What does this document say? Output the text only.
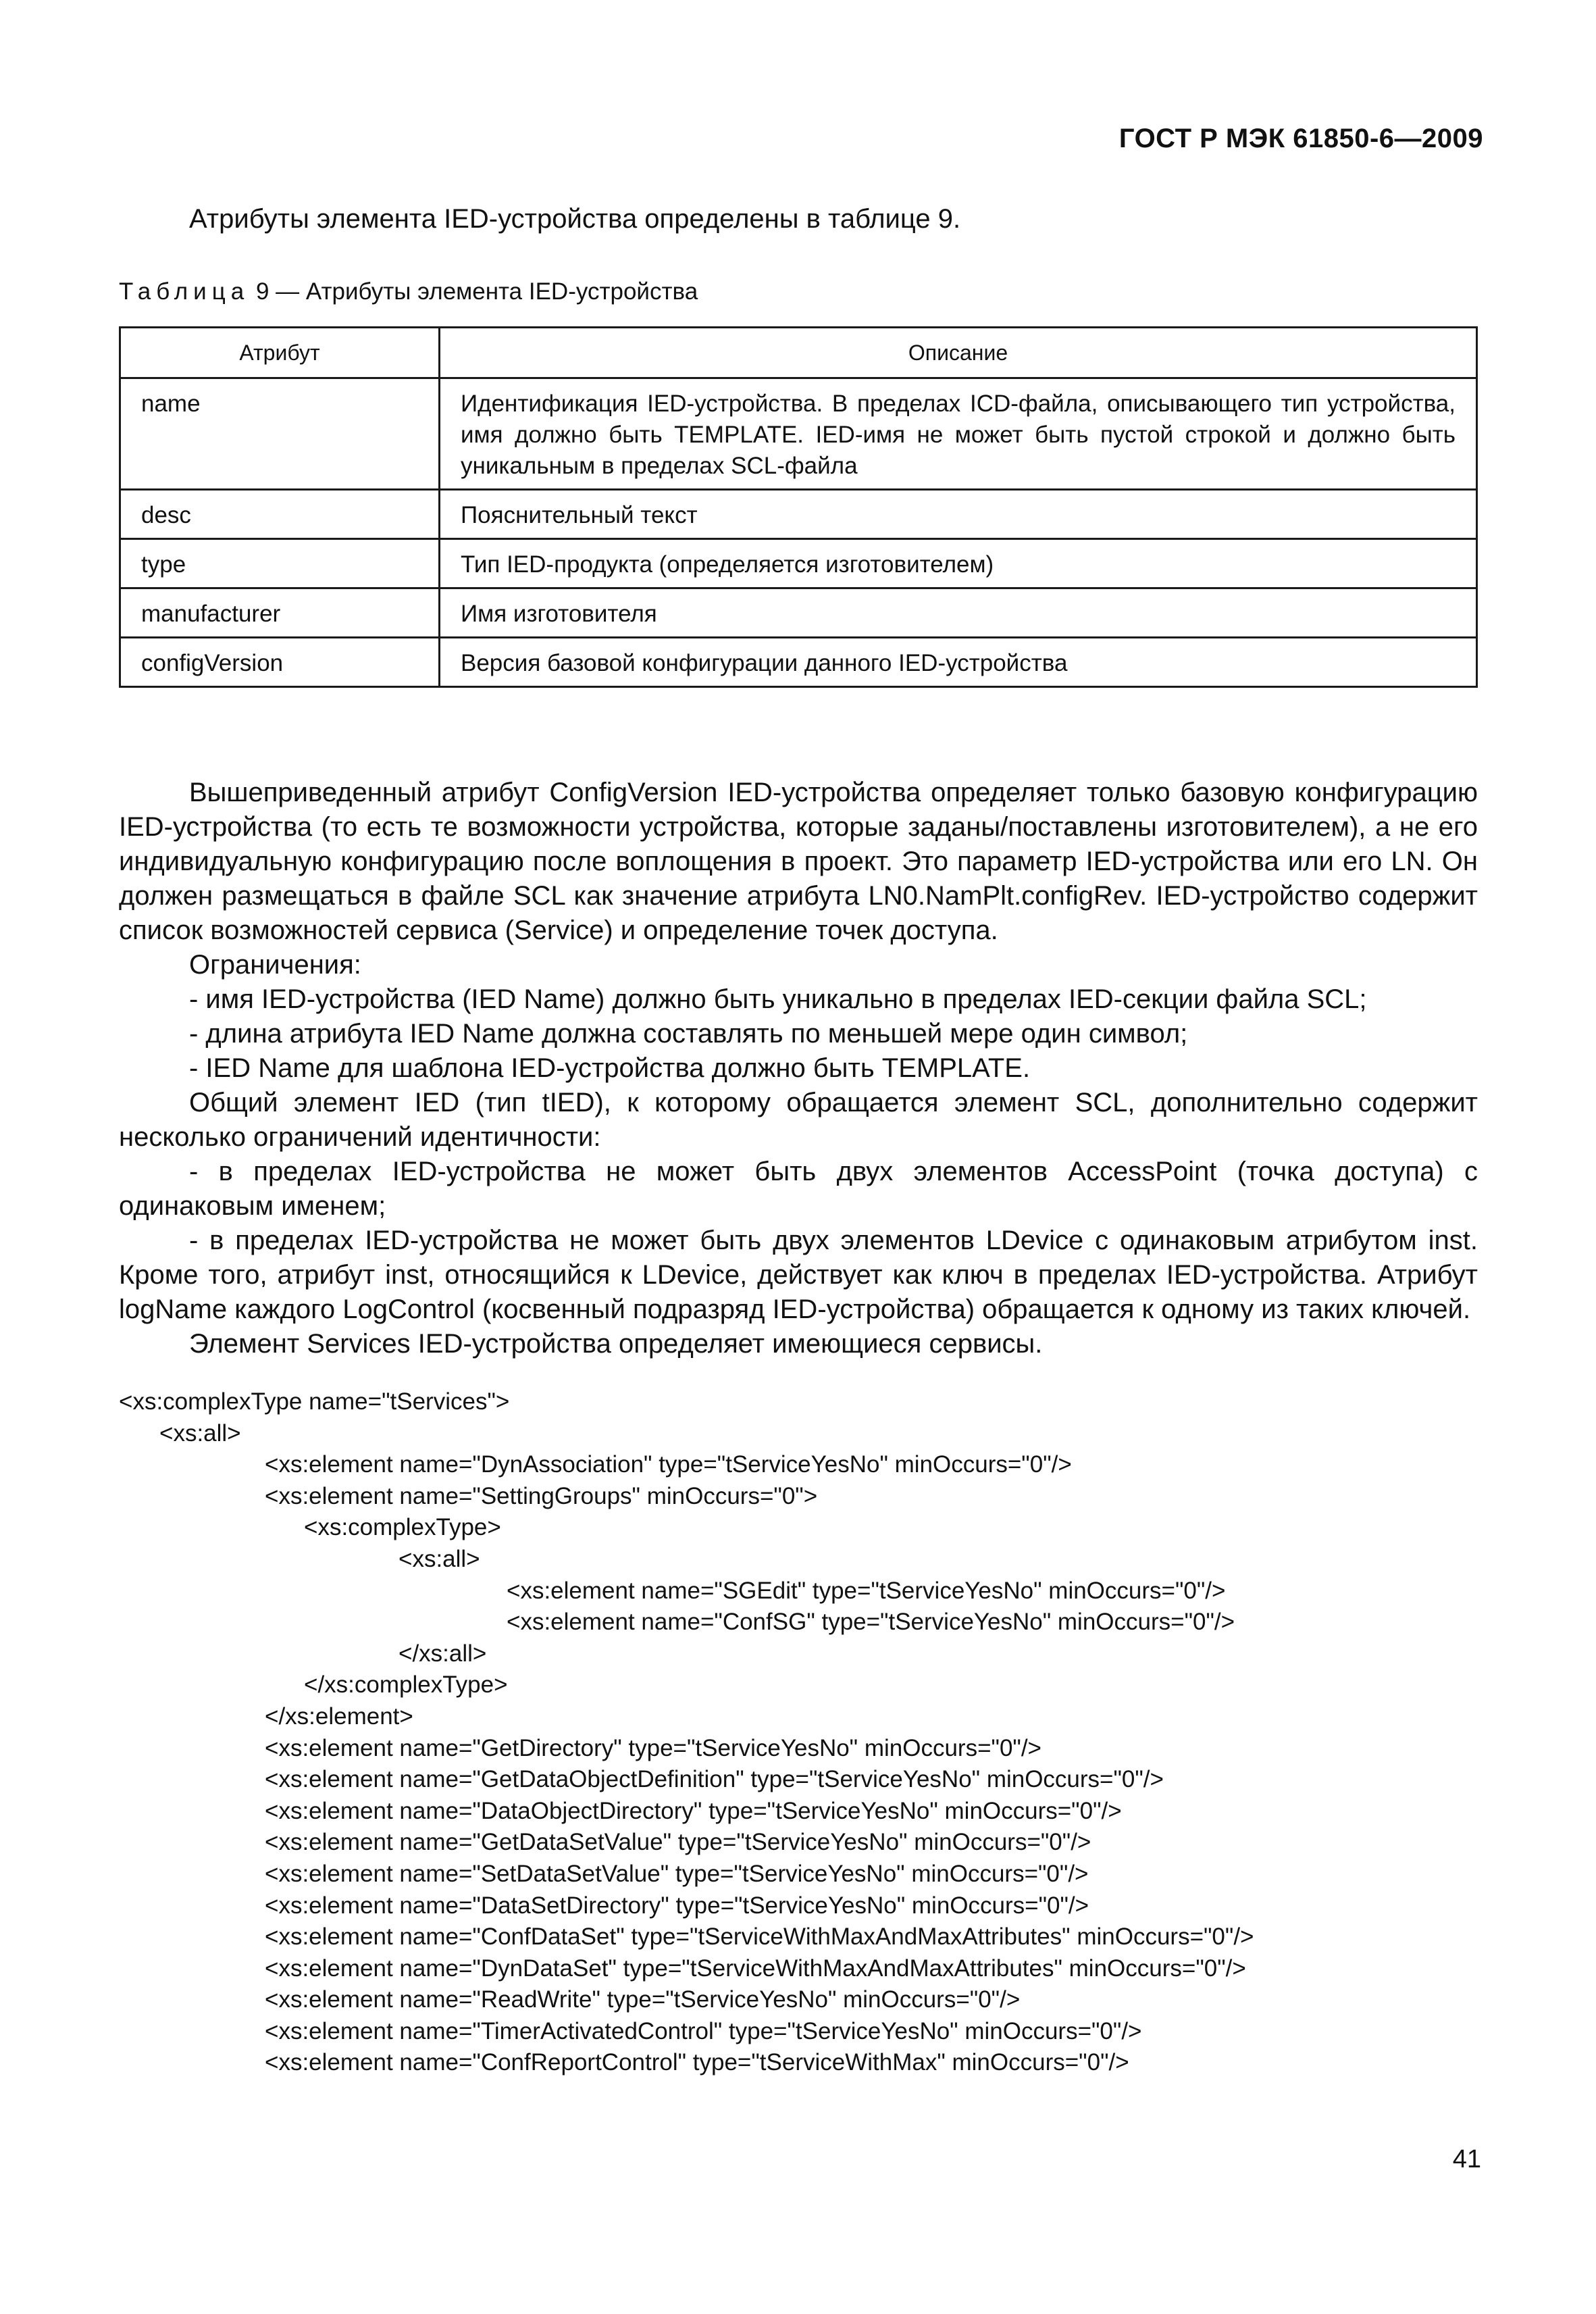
ГОСТ Р МЭК 61850-6—2009
Атрибуты элемента IED-устройства определены в таблице 9.
Таблица 9 — Атрибуты элемента IED-устройства
Атрибут	Описание
name	Идентификация IED-устройства. В пределах ICD-файла, описывающего тип устройства, имя должно быть TEMPLATE. IED-имя не может быть пустой строкой и должно быть уникальным в пределах SCL-файла
desc	Пояснительный текст
type	Тип IED-продукта (определяется изготовителем)
manufacturer	Имя изготовителя
configVersion	Версия базовой конфигурации данного IED-устройства

Вышеприведенный атрибут ConfigVersion IED-устройства определяет только базовую конфигурацию IED-устройства (то есть те возможности устройства, которые заданы/поставлены изготовителем), а не его индивидуальную конфигурацию после воплощения в проект. Это параметр IED-устройства или его LN. Он должен размещаться в файле SCL как значение атрибута LN0.NamPlt.configRev. IED-устройство содержит список возможностей сервиса (Service) и определение точек доступа.

Ограничения:

- имя IED-устройства (IED Name) должно быть уникально в пределах IED-секции файла SCL;

- длина атрибута IED Name должна составлять по меньшей мере один символ;

- IED Name для шаблона IED-устройства должно быть TEMPLATE.

Общий элемент IED (тип tIED), к которому обращается элемент SCL, дополнительно содержит несколько ограничений идентичности:

- в пределах IED-устройства не может быть двух элементов AccessPoint (точка доступа) с одинаковым именем;

- в пределах IED-устройства не может быть двух элементов LDevice с одинаковым атрибутом inst. Кроме того, атрибут inst, относящийся к LDevice, действует как ключ в пределах IED-устройства. Атрибут logName каждого LogControl (косвенный подразряд IED-устройства) обращается к одному из таких ключей.

Элемент Services IED-устройства определяет имеющиеся сервисы.

<xs:complexType name="tServices">
<xs:all>
<xs:element name="DynAssociation" type="tServiceYesNo" minOccurs="0"/>
<xs:element name="SettingGroups" minOccurs="0">
<xs:complexType>
<xs:all>
<xs:element name="SGEdit" type="tServiceYesNo" minOccurs="0"/>
<xs:element name="ConfSG" type="tServiceYesNo" minOccurs="0"/>
</xs:all>
</xs:complexType>
</xs:element>
<xs:element name="GetDirectory" type="tServiceYesNo" minOccurs="0"/>
<xs:element name="GetDataObjectDefinition" type="tServiceYesNo" minOccurs="0"/>
<xs:element name="DataObjectDirectory" type="tServiceYesNo" minOccurs="0"/>
<xs:element name="GetDataSetValue" type="tServiceYesNo" minOccurs="0"/>
<xs:element name="SetDataSetValue" type="tServiceYesNo" minOccurs="0"/>
<xs:element name="DataSetDirectory" type="tServiceYesNo" minOccurs="0"/>
<xs:element name="ConfDataSet" type="tServiceWithMaxAndMaxAttributes" minOccurs="0"/>
<xs:element name="DynDataSet" type="tServiceWithMaxAndMaxAttributes" minOccurs="0"/>
<xs:element name="ReadWrite" type="tServiceYesNo" minOccurs="0"/>
<xs:element name="TimerActivatedControl" type="tServiceYesNo" minOccurs="0"/>
<xs:element name="ConfReportControl" type="tServiceWithMax" minOccurs="0"/>
41
